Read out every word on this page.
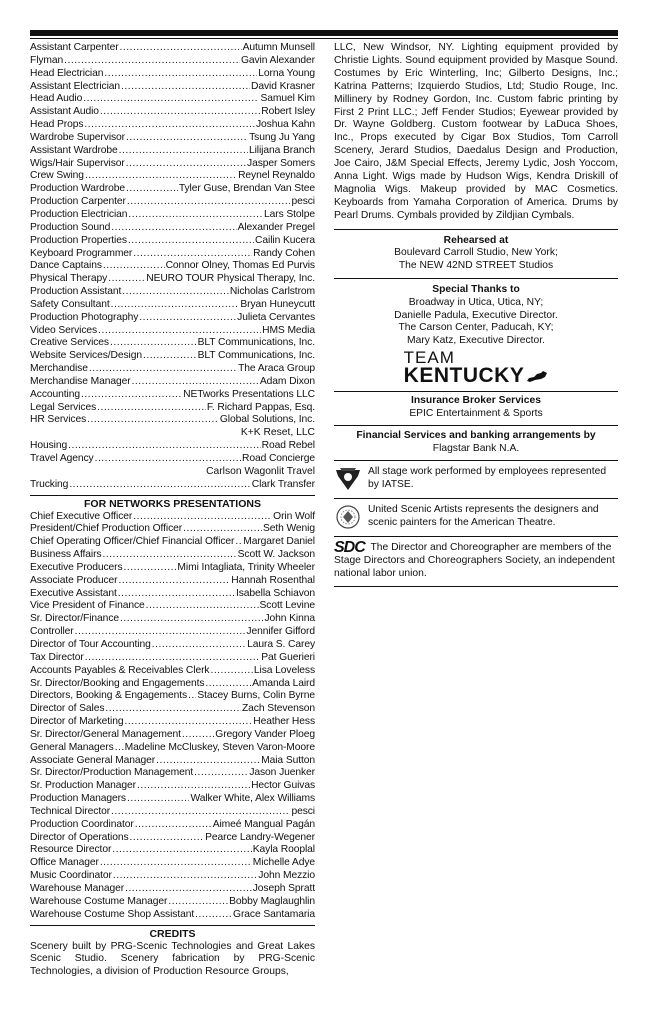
Assistant Carpenter .....	Autumn Munsell
Flyman .....	Gavin Alexander
Head Electrician .....	Lorna Young
Assistant Electrician .....	David Krasner
Head Audio .....	Samuel Kim
Assistant Audio .....	Robert Isley
Head Props .....	Joshua Kahn
Wardrobe Supervisor .....	Tsung Ju Yang
Assistant Wardrobe .....	Lilijana Branch
Wigs/Hair Supervisor .....	Jasper Somers
Crew Swing .....	Reynel Reynaldo
Production Wardrobe .....	Tyler Guse, Brendan Van Stee
Production Carpenter .....	pesci
Production Electrician .....	Lars Stolpe
Production Sound .....	Alexander Pregel
Production Properties .....	Cailin Kucera
Keyboard Programmer .....	Randy Cohen
Dance Captains .....	Connor Olney, Thomas Ed Purvis
Physical Therapy .....	NEURO TOUR Physical Therapy, Inc.
Production Assistant .....	Nicholas Carlstrom
Safety Consultant .....	Bryan Huneycutt
Production Photography .....	Julieta Cervantes
Video Services .....	HMS Media
Creative Services .....	BLT Communications, Inc.
Website Services/Design .....	BLT Communications, Inc.
Merchandise .....	The Araca Group
Merchandise Manager .....	Adam Dixon
Accounting .....	NETworks Presentations LLC
Legal Services .....	F. Richard Pappas, Esq.
HR Services .....	Global Solutions, Inc.
K+K Reset, LLC
Housing .....	Road Rebel
Travel Agency .....	Road Concierge
Carlson Wagonlit Travel
Trucking .....	Clark Transfer
FOR NETWORKS PRESENTATIONS
Chief Executive Officer .....	Orin Wolf
President/Chief Production Officer .....	Seth Wenig
Chief Operating Officer/Chief Financial Officer ..... Margaret Daniel
Business Affairs .....	Scott W. Jackson
Executive Producers .....	Mimi Intagliata, Trinity Wheeler
Associate Producer .....	Hannah Rosenthal
Executive Assistant .....	Isabella Schiavon
Vice President of Finance .....	Scott Levine
Sr. Director/Finance .....	John Kinna
Controller .....	Jennifer Gifford
Director of Tour Accounting .....	Laura S. Carey
Tax Director .....	Pat Guerieri
Accounts Payables & Receivables Clerk .....	Lisa Loveless
Sr. Director/Booking and Engagements .....	Amanda Laird
Directors, Booking & Engagements ..... Stacey Burns, Colin Byrne
Director of Sales .....	Zach Stevenson
Director of Marketing .....	Heather Hess
Sr. Director/General Management .....	Gregory Vander Ploeg
General Managers ..... Madeline McCluskey, Steven Varon-Moore
Associate General Manager .....	Maia Sutton
Sr. Director/Production Management .....	Jason Juenker
Sr. Production Manager .....	Hector Guivas
Production Managers .....	Walker White, Alex Williams
Technical Director .....	pesci
Production Coordinator .....	Aimeé Mangual Pagán
Director of Operations .....	Pearce Landry-Wegener
Resource Director .....	Kayla Rooplal
Office Manager .....	Michelle Adye
Music Coordinator .....	John Mezzio
Warehouse Manager .....	Joseph Spratt
Warehouse Costume Manager .....	Bobby Maglaughlin
Warehouse Costume Shop Assistant .....	Grace Santamaria
CREDITS
Scenery built by PRG-Scenic Technologies and Great Lakes Scenic Studio. Scenery fabrication by PRG-Scenic Technologies, a division of Production Resource Groups,
LLC, New Windsor, NY. Lighting equipment provided by Christie Lights. Sound equipment provided by Masque Sound. Costumes by Eric Winterling, Inc; Gilberto Designs, Inc.; Katrina Patterns; Izquierdo Studios, Ltd; Studio Rouge, Inc. Millinery by Rodney Gordon, Inc. Custom fabric printing by First 2 Print LLC.; Jeff Fender Studios; Eyewear provided by Dr. Wayne Goldberg. Custom footwear by LaDuca Shoes, Inc., Props executed by Cigar Box Studios, Tom Carroll Scenery, Jerard Studios, Daedalus Design and Production, Joe Cairo, J&M Special Effects, Jeremy Lydic, Josh Yoccom, Anna Light. Wigs made by Hudson Wigs, Kendra Driskill of Magnolia Wigs. Makeup provided by MAC Cosmetics. Keyboards from Yamaha Corporation of America. Drums by Pearl Drums. Cymbals provided by Zildjian Cymbals.
Rehearsed at
Boulevard Carroll Studio, New York;
The NEW 42ND STREET Studios
Special Thanks to
Broadway in Utica, Utica, NY;
Danielle Padula, Executive Director.
The Carson Center, Paducah, KY;
Mary Katz, Executive Director.
TEAM
KENTUCKY
Insurance Broker Services
EPIC Entertainment & Sports
Financial Services and banking arrangements by
Flagstar Bank N.A.
All stage work performed by employees represented by IATSE.
United Scenic Artists represents the designers and scenic painters for the American Theatre.
SDC The Director and Choreographer are members of the Stage Directors and Choreographers Society, an independent national labor union.
